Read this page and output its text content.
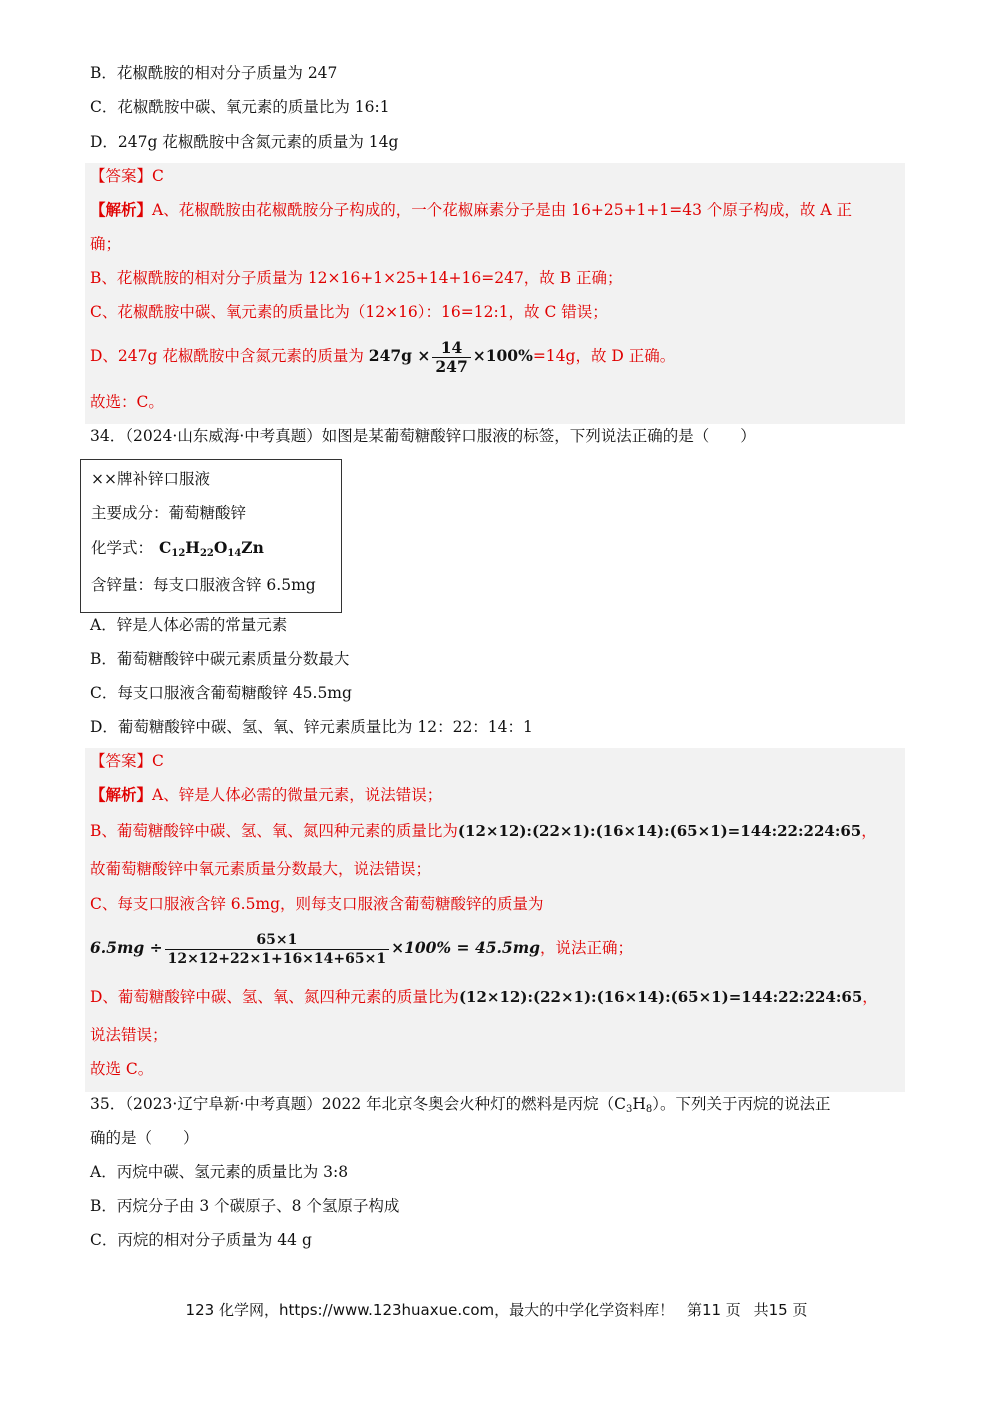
B．花椒酰胺的相对分子质量为 247
C．花椒酰胺中碳、氧元素的质量比为 16:1
D．247g 花椒酰胺中含氮元素的质量为 14g
【答案】C
【解析】A、花椒酰胺由花椒酰胺分子构成的，一个花椒麻素分子是由 16+25+1+1=43 个原子构成，故 A 正
确；
B、花椒酰胺的相对分子质量为 12×16+1×25+14+16=247，故 B 正确；
C、花椒酰胺中碳、氧元素的质量比为（12×16）：16=12:1，故 C 错误；
D、247g 花椒酰胺中含氮元素的质量为 $247g \times \frac{14}{247} \times 100\%=14g$，故 D 正确。
故选：C。
34．（2024·山东威海·中考真题）如图是某葡萄糖酸锌口服液的标签，下列说法正确的是（　　）
××牌补锌口服液
主要成分：葡萄糖酸锌
化学式： $C_{12}H_{22}O_{14}Zn$
含锌量：每支口服液含锌 6.5mg
A．锌是人体必需的常量元素
B．葡萄糖酸锌中碳元素质量分数最大
C．每支口服液含葡萄糖酸锌 45.5mg
D．葡萄糖酸锌中碳、氢、氧、锌元素质量比为 12：22：14：1
【答案】C
【解析】A、锌是人体必需的微量元素，说法错误；
B、葡萄糖酸锌中碳、氢、氧、氮四种元素的质量比为(12×12):(22×1):(16×14):(65×1)=144:22:224:65，
故葡萄糖酸锌中氧元素质量分数最大，说法错误；
C、每支口服液含锌 6.5mg，则每支口服液含葡萄糖酸锌的质量为
$6.5mg \div \frac{65\times 1}{12\times 12+22\times 1+16\times 14+65\times 1} \times 100\% = 45.5mg$，说法正确；
D、葡萄糖酸锌中碳、氢、氧、氮四种元素的质量比为(12×12):(22×1):(16×14):(65×1)=144:22:224:65，
说法错误；
故选 C。
35．（2023·辽宁阜新·中考真题）2022 年北京冬奥会火种灯的燃料是丙烷$(C_3H_8)$。下列关于丙烷的说法正
确的是（　　）
A．丙烷中碳、氢元素的质量比为 3:8
B．丙烷分子由 3 个碳原子、8 个氢原子构成
C．丙烷的相对分子质量为 44 g
123 化学网，https://www.123huaxue.com，最大的中学化学资料库！ 第11 页 共15 页
